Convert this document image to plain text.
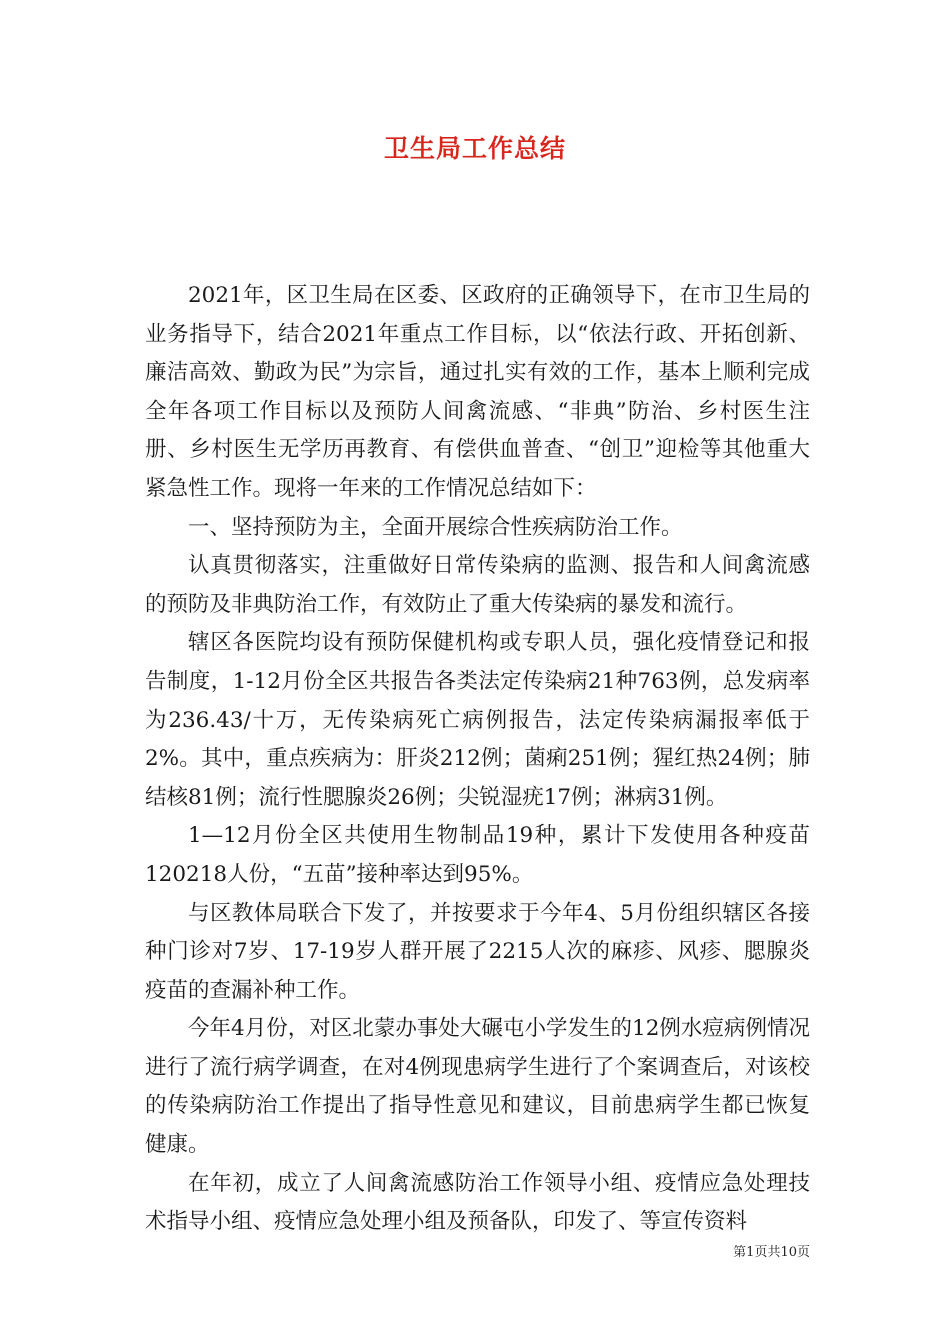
卫生局工作总结

2021年，区卫生局在区委、区政府的正确领导下，在市卫生局的业务指导下，结合2021年重点工作目标，以“依法行政、开拓创新、廉洁高效、勤政为民”为宗旨，通过扎实有效的工作，基本上顺利完成全年各项工作目标以及预防人间禽流感、“非典”防治、乡村医生注册、乡村医生无学历再教育、有偿供血普查、“创卫”迎检等其他重大紧急性工作。现将一年来的工作情况总结如下：

一、坚持预防为主，全面开展综合性疾病防治工作。

认真贯彻落实，注重做好日常传染病的监测、报告和人间禽流感的预防及非典防治工作，有效防止了重大传染病的暴发和流行。

辖区各医院均设有预防保健机构或专职人员，强化疫情登记和报告制度，1-12月份全区共报告各类法定传染病21种763例，总发病率为236.43/十万，无传染病死亡病例报告，法定传染病漏报率低于2%。其中，重点疾病为：肝炎212例；菌痢251例；猩红热24例；肺结核81例；流行性腮腺炎26例；尖锐湿疣17例；淋病31例。

1—12月份全区共使用生物制品19种，累计下发使用各种疫苗120218人份，“五苗”接种率达到95%。

与区教体局联合下发了，并按要求于今年4、5月份组织辖区各接种门诊对7岁、17-19岁人群开展了2215人次的麻疹、风疹、腮腺炎疫苗的查漏补种工作。

今年4月份，对区北蒙办事处大碾屯小学发生的12例水痘病例情况进行了流行病学调查，在对4例现患病学生进行了个案调查后，对该校的传染病防治工作提出了指导性意见和建议，目前患病学生都已恢复健康。

在年初，成立了人间禽流感防治工作领导小组、疫情应急处理技术指导小组、疫情应急处理小组及预备队，印发了、等宣传资料

第1页共10页
